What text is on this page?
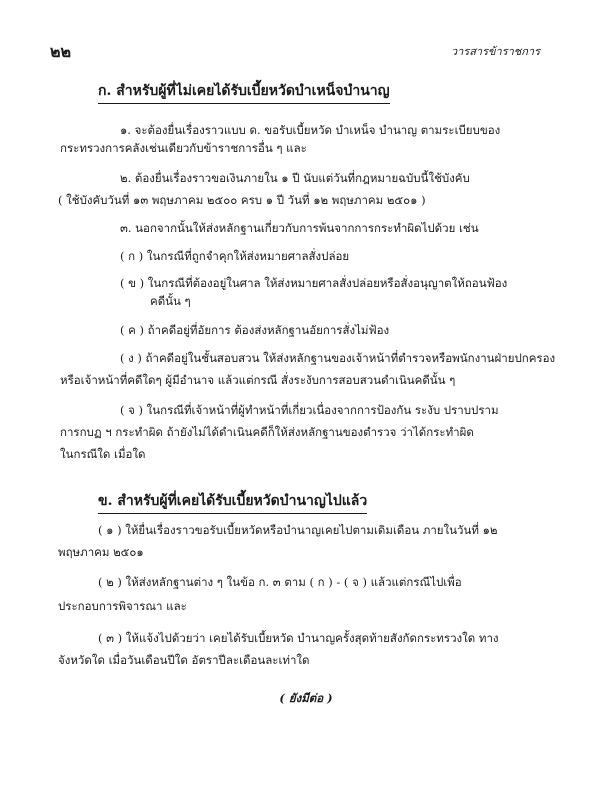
๒๒	วารสารข้าราชการ
ก. สำหรับผู้ที่ไม่เคยได้รับเบี้ยหวัดบำเหน็จบำนาญ
๑. จะต้องยื่นเรื่องราวแบบ ด. ขอรับเบี้ยหวัด บำเหน็จ บำนาญ ตามระเบียบของ
กระทรวงการคลังเช่นเดียวกับข้าราชการอื่น ๆ และ
๒. ต้องยื่นเรื่องราวขอเงินภายใน ๑ ปี นับแต่วันที่กฎหมายฉบับนี้ใช้บังคับ
( ใช้บังคับวันที่ ๑๓ พฤษภาคม ๒๕๐๐ ครบ ๑ ปี วันที่ ๑๒ พฤษภาคม ๒๕๐๑ )
๓. นอกจากนั้นให้ส่งหลักฐานเกี่ยวกับการพ้นจากการกระทำผิดไปด้วย เช่น
( ก ) ในกรณีที่ถูกจำคุกให้ส่งหมายศาลสั่งปล่อย
( ข ) ในกรณีที่ต้องอยู่ในศาล ให้ส่งหมายศาลสั่งปล่อยหรือสั่งอนุญาตให้ถอนฟ้อง
คดีนั้น ๆ
( ค ) ถ้าคดีอยู่ที่อัยการ ต้องส่งหลักฐานอัยการสั่งไม่ฟ้อง
( ง ) ถ้าคดีอยู่ในชั้นสอบสวน ให้ส่งหลักฐานของเจ้าหน้าที่ตำรวจหรือพนักงานฝ่ายปกครอง
หรือเจ้าหน้าที่คดีใดๆ ผู้มีอำนาจ แล้วแต่กรณี สั่งระงับการสอบสวนดำเนินคดีนั้น ๆ
( จ ) ในกรณีที่เจ้าหน้าที่ผู้ทำหน้าที่เกี่ยวเนื่องจากการป้องกัน ระงับ ปราบปราม
การกบฏ ฯ กระทำผิด ถ้ายังไม่ได้ดำเนินคดีก็ให้ส่งหลักฐานของตำรวจ ว่าได้กระทำผิด
ในกรณีใด เมื่อใด
ข. สำหรับผู้ที่เคยได้รับเบี้ยหวัดบำนาญไปแล้ว
( ๑ ) ให้ยื่นเรื่องราวขอรับเบี้ยหวัดหรือบำนาญเคยไปตามเดิมเดือน ภายในวันที่ ๑๒
พฤษภาคม ๒๕๐๑
( ๒ ) ให้ส่งหลักฐานต่าง ๆ ในข้อ ก. ๓ ตาม ( ก ) - ( จ ) แล้วแต่กรณีไปเพื่อ
ประกอบการพิจารณา และ
( ๓ ) ให้แจ้งไปด้วยว่า เคยได้รับเบี้ยหวัด บำนาญครั้งสุดท้ายสังกัดกระทรวงใด ทาง
จังหวัดใด เมื่อวันเดือนปีใด อัตราปีละเดือนละเท่าใด
( ยังมีต่อ )
